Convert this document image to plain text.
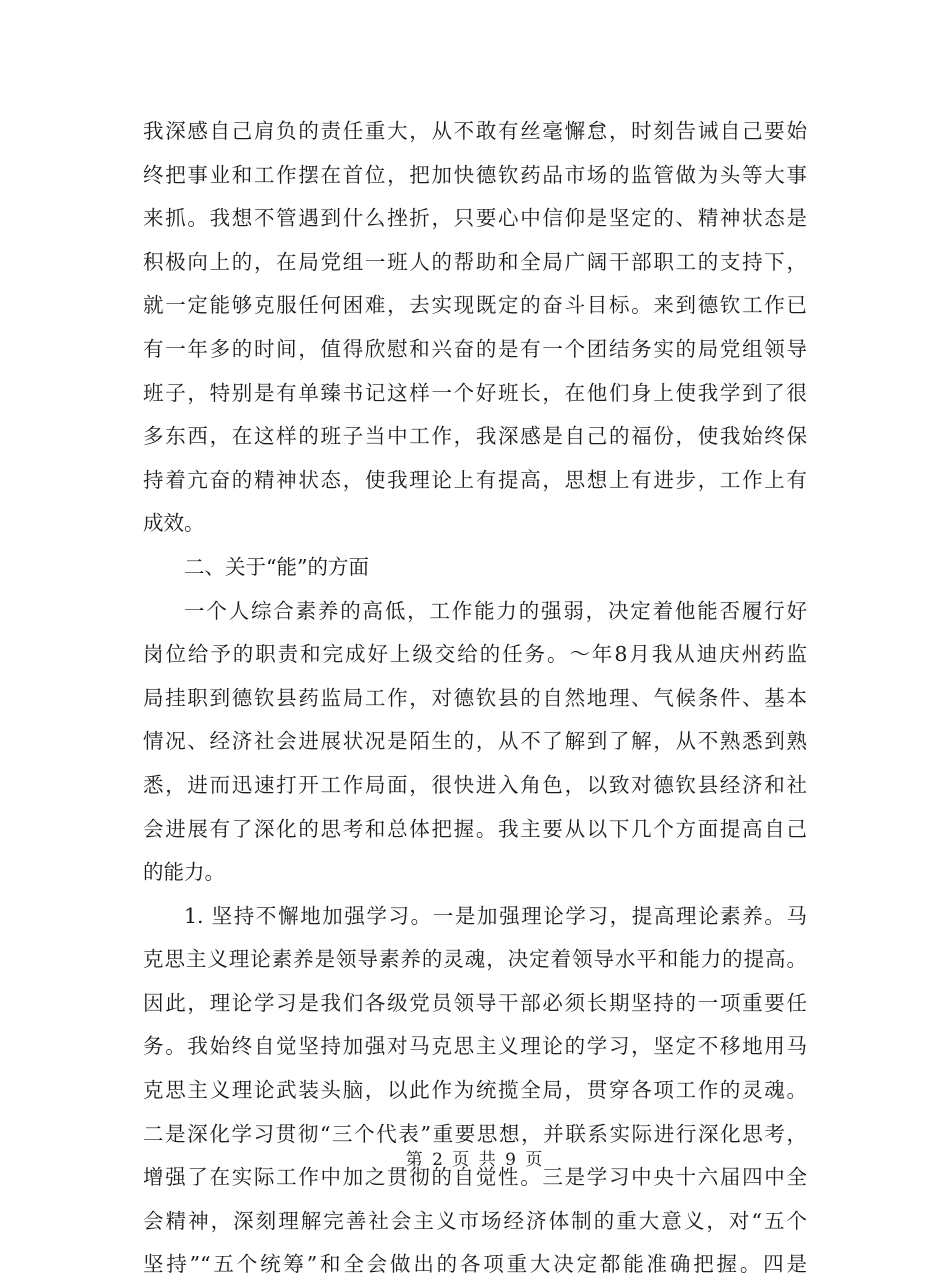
我深感自己肩负的责任重大，从不敢有丝毫懈怠，时刻告诫自己要始
终把事业和工作摆在首位，把加快德钦药品市场的监管做为头等大事
来抓。我想不管遇到什么挫折，只要心中信仰是坚定的、精神状态是
积极向上的，在局党组一班人的帮助和全局广阔干部职工的支持下，
就一定能够克服任何困难，去实现既定的奋斗目标。来到德钦工作已
有一年多的时间，值得欣慰和兴奋的是有一个团结务实的局党组领导
班子，特别是有单臻书记这样一个好班长，在他们身上使我学到了很
多东西，在这样的班子当中工作，我深感是自己的福份，使我始终保
持着亢奋的精神状态，使我理论上有提高，思想上有进步，工作上有
成效。
二、关于“能”的方面
一个人综合素养的高低，工作能力的强弱，决定着他能否履行好
岗位给予的职责和完成好上级交给的任务。～年8月我从迪庆州药监
局挂职到德钦县药监局工作，对德钦县的自然地理、气候条件、基本
情况、经济社会进展状况是陌生的，从不了解到了解，从不熟悉到熟
悉，进而迅速打开工作局面，很快进入角色，以致对德钦县经济和社
会进展有了深化的思考和总体把握。我主要从以下几个方面提高自己
的能力。
1. 坚持不懈地加强学习。一是加强理论学习，提高理论素养。马
克思主义理论素养是领导素养的灵魂，决定着领导水平和能力的提高。
因此，理论学习是我们各级党员领导干部必须长期坚持的一项重要任
务。我始终自觉坚持加强对马克思主义理论的学习，坚定不移地用马
克思主义理论武装头脑，以此作为统揽全局，贯穿各项工作的灵魂。
二是深化学习贯彻“三个代表”重要思想，并联系实际进行深化思考，
增强了在实际工作中加之贯彻的自觉性。三是学习中央十六届四中全
会精神，深刻理解完善社会主义市场经济体制的重大意义，对“五个
坚持”“五个统筹”和全会做出的各项重大决定都能准确把握。四是
第 2 页 共 9 页
